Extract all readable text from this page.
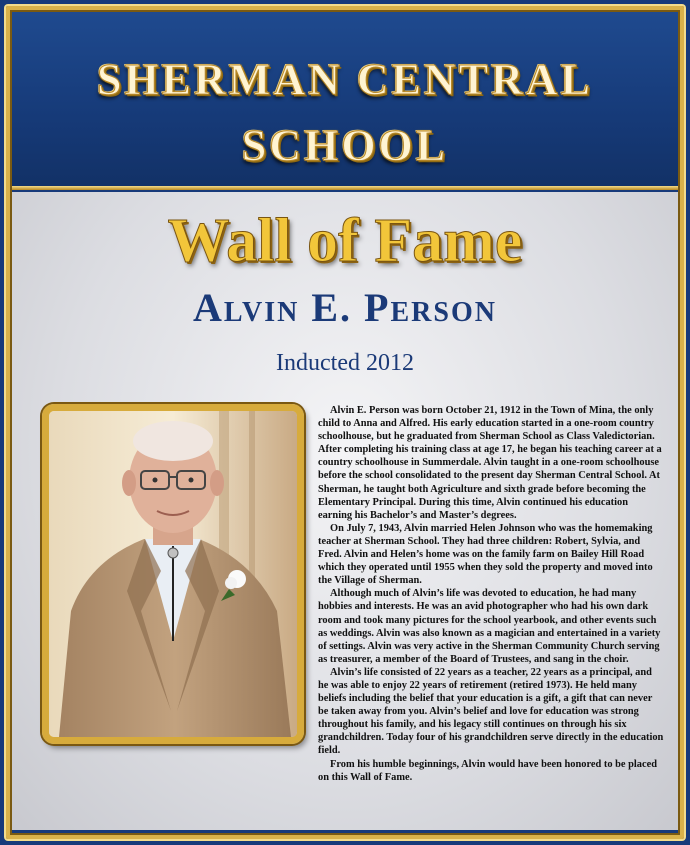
SHERMAN CENTRAL
SCHOOL
Wall of Fame
Alvin E. Person
Inducted 2012

Alvin E. Person was born October 21, 1912 in the Town of Mina, the only child to Anna and Alfred. His early education started in a one-room country schoolhouse, but he graduated from Sherman School as Class Valedictorian. After completing his training class at age 17, he began his teaching career at a country schoolhouse in Summerdale. Alvin taught in a one-room schoolhouse before the school consolidated to the present day Sherman Central School. At Sherman, he taught both Agriculture and sixth grade before becoming the Elementary Principal. During this time, Alvin continued his education earning his Bachelor’s and Master’s degrees.

On July 7, 1943, Alvin married Helen Johnson who was the homemaking teacher at Sherman School. They had three children: Robert, Sylvia, and Fred. Alvin and Helen’s home was on the family farm on Bailey Hill Road which they operated until 1955 when they sold the property and moved into the Village of Sherman.

Although much of Alvin’s life was devoted to education, he had many hobbies and interests. He was an avid photographer who had his own dark room and took many pictures for the school yearbook, and other events such as weddings. Alvin was also known as a magician and entertained in a variety of settings. Alvin was very active in the Sherman Community Church serving as treasurer, a member of the Board of Trustees, and sang in the choir.

Alvin’s life consisted of 22 years as a teacher, 22 years as a principal, and he was able to enjoy 22 years of retirement (retired 1973). He held many beliefs including the belief that your education is a gift, a gift that can never be taken away from you. Alvin’s belief and love for education was strong throughout his family, and his legacy still continues on through his six grandchildren. Today four of his grandchildren serve directly in the education field.

From his humble beginnings, Alvin would have been honored to be placed on this Wall of Fame.
